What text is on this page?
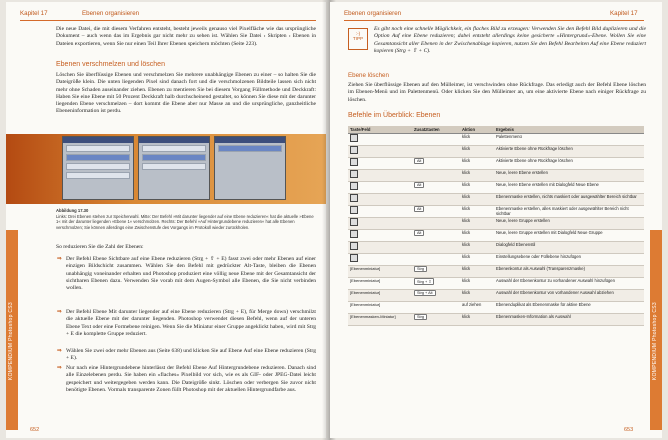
Kapitel 17	Ebenen organisieren
Die neue Datei, die mit diesem Verfahren entsteht, besteht jeweils genauso viel Pixelfläche wie das ursprüngliche Dokument – auch wenn das im Ergebnis gar nicht mehr zu sehen ist. Wählen Sie Datei › Skripten › Ebenen in Dateien exportieren, wenn Sie nur einen Teil Ihrer Ebenen speichern möchten (Seite 223).
Ebenen verschmelzen und löschen
Löschen Sie überflüssige Ebenen und verschmelzen Sie mehrere unabhängige Ebenen zu einer – so halten Sie die Dateigröße klein. Die unten liegenden Pixel sind danach fort und die verschmolzenen Bildteile lassen sich nicht mehr ohne Schaden auseinander ziehen. Ebenen zu mentieren Sie bei diesem Vorgang Füllmethode und Deckkraft: Haben Sie eine Ebene mit 50 Prozent Deckkraft halb durchscheinend gestaltet, so können Sie diese mit der darunter liegenden Ebene verschmelzen – dort kommt die Ebene aber nur Masse an und die ursprüngliche, ganzheitliche Ebeneninformation ist perdu.
Abbildung 17.30
Links: Drei Ebenen stehen zur Speicherwahl. Mitte: Der Befehl »Mit darunter liegender auf eine Ebene reduzieren« hat die aktuelle »Ebene 1« mit der darunter liegenden »Ebene 1« verschmolzen. Rechts: Der Befehl »Auf Hintergrundebene reduzieren« hat alle Ebenen verschmolzen; Sie können allerdings eine Zwischenstufe des Vorgangs im Protokoll wieder zurückholen.
So reduzieren Sie die Zahl der Ebenen:
⇒ Der Befehl Ebene Sichtbare auf eine Ebene reduzieren (Strg + ⇧ + E) fasst zwei oder mehr Ebenen auf einer einzigen Bildschicht zusammen. Wählen Sie den Befehl mit gedrückter Alt-Taste, bleiben die Ebenen unabhängig voneinander erhalten und Photoshop produziert eine völlig neue Ebene mit der Gesamtansicht der sichtbaren Ebenen dazu. Verwenden Sie vorab mit dem Augen-Symbol alle Ebenen, die Sie nicht verbinden wollen.
⇒ Der Befehl Ebene Mit darunter liegender auf eine Ebene reduzieren (Strg + E), für Merge down) verschmilzt die aktuelle Ebene mit der darunter liegenden. Photoshop verwendet diesen Befehl, wenn auf der unteren Ebene Text oder eine Formebene reinigen. Wenn Sie die Miniatur einer Gruppe angeklickt haben, wird mit Strg + E die komplette Gruppe reduziert.
⇒ Wählen Sie zwei oder mehr Ebenen aus (Seite 638) und klicken Sie auf Ebene Auf eine Ebene reduzieren (Strg + E).
⇒ Nur nach eine Hintergrundebene hinterlässt der Befehl Ebene Auf Hintergrundebene reduzieren. Danach sind alle Einzelebenen perdu. Sie haben ein »flaches« Pixelbild vor sich, wie es als GIF- oder JPEG-Datei leicht gespeichert und weitergegeben werden kann. Die Dateigröße sinkt. Löschen oder verbergen Sie zuvor nicht benötigte Ebenen. Vormals transparente Zonen füllt Photoshop mit der aktuellen Hintergrundfarbe aus.
KOMPENDIUM Photoshop CS3
652
Ebenen organisieren	Kapitel 17
:-)
TIPP
Es gibt noch eine schnelle Möglichkeit, ein flaches Bild zu erzeugen: Verwenden Sie den Befehl Bild duplizieren und die Option Auf eine Ebene reduzieren; dabei entsteht allerdings keine gesicherte »Hintergrund«-Ebene. Wollen Sie eine Gesamtansicht aller Ebenen in der Zwischenablage kopieren, nutzen Sie den Befehl Bearbeiten Auf eine Ebene reduziert kopieren (Strg + ⇧ + C).
Ebene löschen
Ziehen Sie überflüssige Ebenen auf den Mülleimer, ist verschwinden ohne Rückfrage. Das erledigt auch der Befehl Ebene löschen im Ebenen-Menü und im Palettenmenü. Oder klicken Sie den Mülleimer an, um eine aktivierte Ebene nach einiger Rückfrage zu löschen.
Befehle im Überblick: Ebenen
Taste/Feld	Zusatztasten	Aktion	Ergebnis
		klick	Palettenmenü
		klick	Aktivierte Ebene ohne Rückfrage löschen
	Alt	klick	Aktivierte Ebene ohne Rückfrage löschen
		klick	Neue, leere Ebene erstellen
	Alt	klick	Neue, leere Ebene erstellen mit Dialogfeld Neue Ebene
		klick	Ebenenmaske erstellen, nichts maskiert oder ausgewählter Bereich sichtbar
	Alt	klick	Ebenenmaske erstellen, alles maskiert oder ausgewählter Bereich nicht sichtbar
		klick	Neue, leere Gruppe erstellen
	Alt	klick	Neue, leere Gruppe erstellen mit Dialogfeld Neue Gruppe
		klick	Dialogfeld Ebenenstil
		klick	Einstellungsebene oder Füllebene hinzufügen
[Ebenenminiatur]	Strg	klick	Ebenenkontur als Auswahl (Transparenzmaske)
[Ebenenminiatur]	Strg + ⇧	klick	Auswahl der Ebenenkontur zu vorhandener Auswahl hinzufügen
[Ebenenminiatur]	Strg + Alt	klick	Auswahl der Ebenenkontur von vorhandener Auswahl abziehen
[Ebenenminiatur]		auf ziehen	Ebenenduplikat als Ebenenmaske für aktive Ebene
[Ebenenmasken-Miniatur]	Strg	klick	Ebenenmasken-Information als Auswahl	KOMPENDIUM Photoshop CS3
653
